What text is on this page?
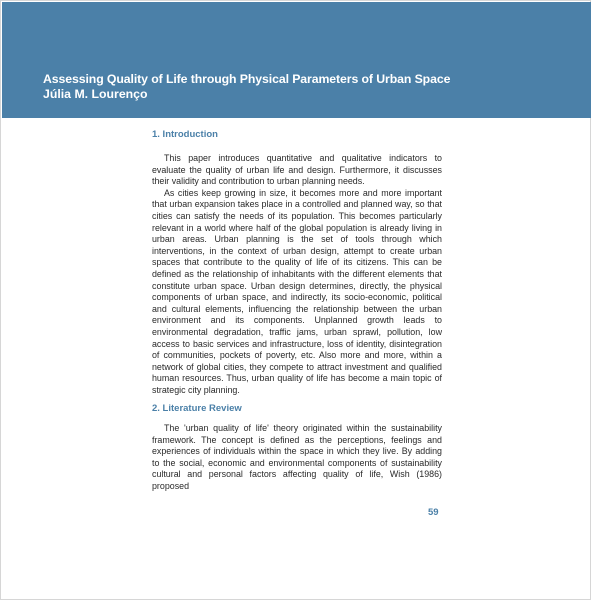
Assessing Quality of Life through Physical Parameters of Urban Space
Júlia M. Lourenço
1. Introduction

This paper introduces quantitative and qualitative indicators to evaluate the quality of urban life and design. Furthermore, it discusses their validity and contribution to urban planning needs.

As cities keep growing in size, it becomes more and more important that urban expansion takes place in a controlled and planned way, so that cities can satisfy the needs of its population. This becomes particularly relevant in a world where half of the global population is already living in urban areas. Urban planning is the set of tools through which interventions, in the context of urban design, attempt to create urban spaces that contribute to the quality of life of its citizens. This can be defined as the relationship of inhabitants with the different elements that constitute urban space. Urban design determines, directly, the physical components of urban space, and indirectly, its socio-economic, political and cultural elements, influencing the relationship between the urban environment and its components. Unplanned growth leads to environmental degradation, traffic jams, urban sprawl, pollution, low access to basic services and infrastructure, loss of identity, disintegration of communities, pockets of poverty, etc. Also more and more, within a network of global cities, they compete to attract investment and qualified human resources. Thus, urban quality of life has become a main topic of strategic city planning.

2. Literature Review

The 'urban quality of life' theory originated within the sustainability framework. The concept is defined as the perceptions, feelings and experiences of individuals within the space in which they live. By adding to the social, economic and environmental components of sustainability cultural and personal factors affecting quality of life, Wish (1986) proposed

59
